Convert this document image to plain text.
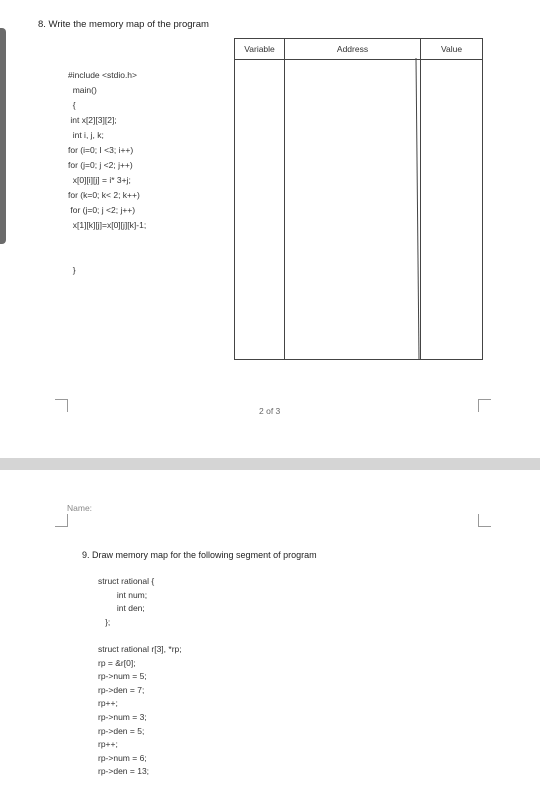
8. Write the memory map of the program
#include <stdio.h>
main()
{
int x[2][3][2];
int i, j, k;
for (i=0; I <3; i++)
for (j=0; j <2; j++)
x[0][i][j] = i* 3+j;
for (k=0; k< 2; k++)
for (j=0; j <2; j++)
x[1][k][j]=x[0][j][k]-1;

}
Variable	Address	Value

2 of 3
Name:
9. Draw memory map for the following segment of program
struct rational {
int num;
int den;
};

struct rational r[3], *rp;
rp = &r[0];
rp->num = 5;
rp->den = 7;
rp++;
rp->num = 3;
rp->den = 5;
rp++;
rp->num = 6;
rp->den = 13;
